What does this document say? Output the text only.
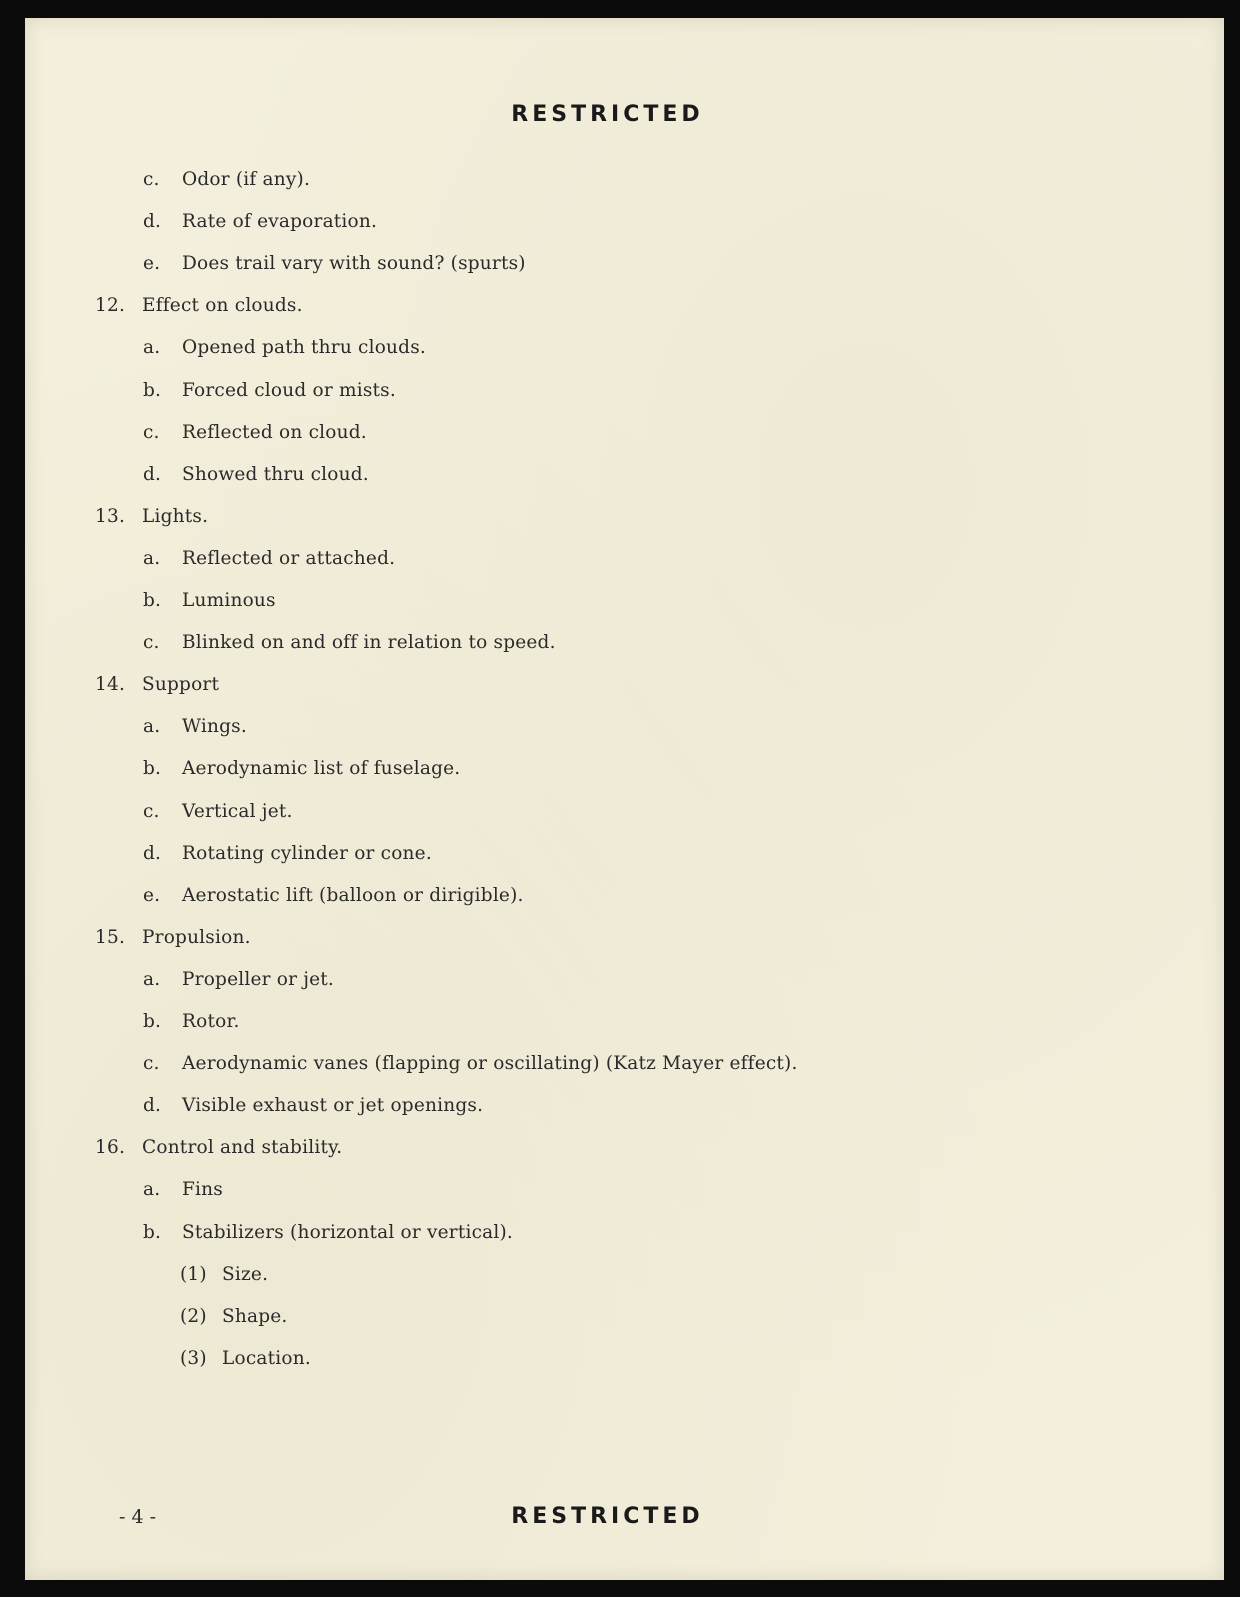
RESTRICTED
c. Odor (if any).
d. Rate of evaporation.
e. Does trail vary with sound? (spurts)
12. Effect on clouds.
a. Opened path thru clouds.
b. Forced cloud or mists.
c. Reflected on cloud.
d. Showed thru cloud.
13. Lights.
a. Reflected or attached.
b. Luminous
c. Blinked on and off in relation to speed.
14. Support
a. Wings.
b. Aerodynamic list of fuselage.
c. Vertical jet.
d. Rotating cylinder or cone.
e. Aerostatic lift (balloon or dirigible).
15. Propulsion.
a. Propeller or jet.
b. Rotor.
c. Aerodynamic vanes (flapping or oscillating) (Katz Mayer effect).
d. Visible exhaust or jet openings.
16. Control and stability.
a. Fins
b. Stabilizers (horizontal or vertical).
(1) Size.
(2) Shape.
(3) Location.
- 4 -	RESTRICTED
